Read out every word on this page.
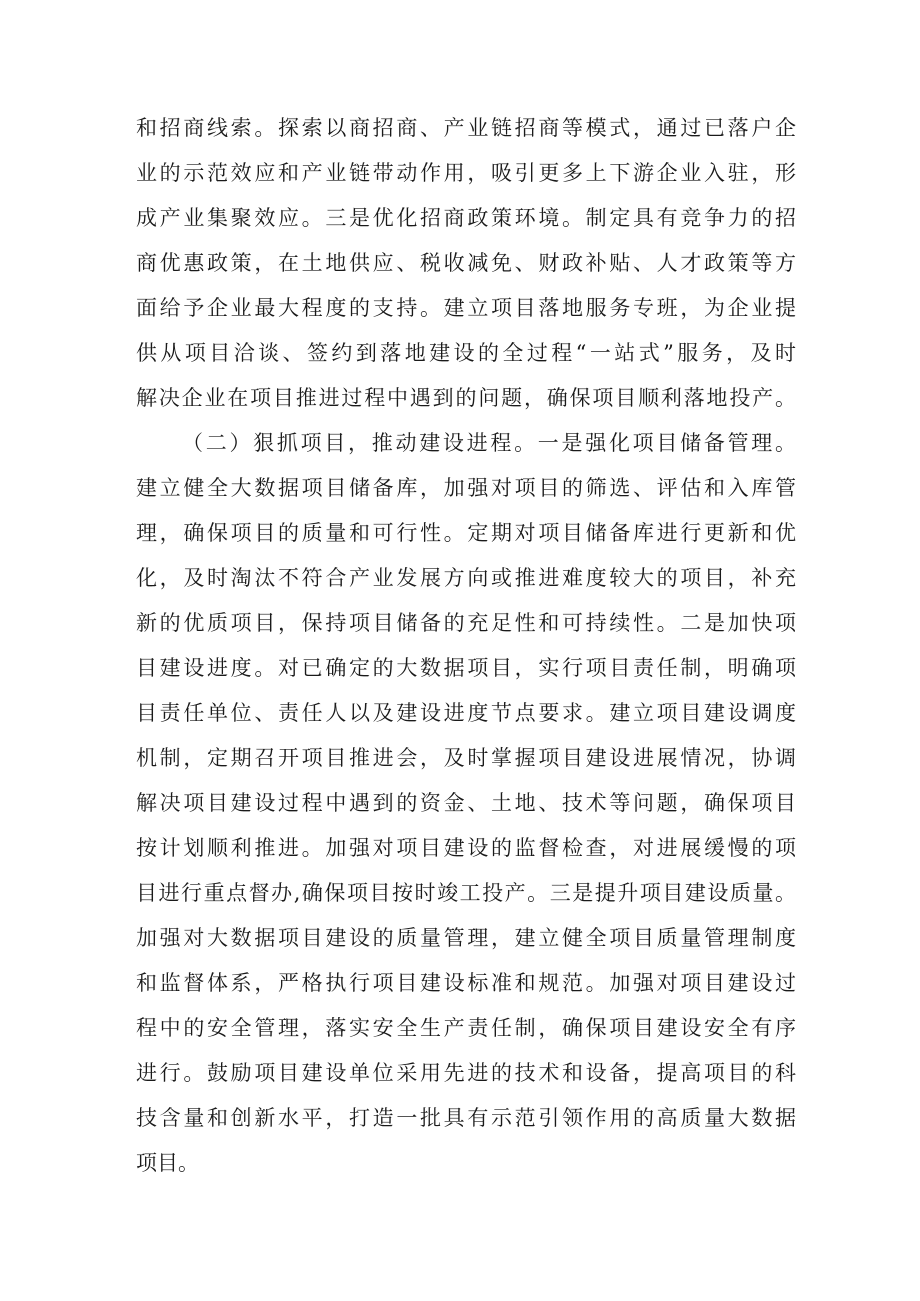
和招商线索。探索以商招商、产业链招商等模式，通过已落户企
业的示范效应和产业链带动作用，吸引更多上下游企业入驻，形
成产业集聚效应。三是优化招商政策环境。制定具有竞争力的招
商优惠政策，在土地供应、税收减免、财政补贴、人才政策等方
面给予企业最大程度的支持。建立项目落地服务专班，为企业提
供从项目洽谈、签约到落地建设的全过程“一站式”服务，及时
解决企业在项目推进过程中遇到的问题，确保项目顺利落地投产。
（二）狠抓项目，推动建设进程。一是强化项目储备管理。
建立健全大数据项目储备库，加强对项目的筛选、评估和入库管
理，确保项目的质量和可行性。定期对项目储备库进行更新和优
化，及时淘汰不符合产业发展方向或推进难度较大的项目，补充
新的优质项目，保持项目储备的充足性和可持续性。二是加快项
目建设进度。对已确定的大数据项目，实行项目责任制，明确项
目责任单位、责任人以及建设进度节点要求。建立项目建设调度
机制，定期召开项目推进会，及时掌握项目建设进展情况，协调
解决项目建设过程中遇到的资金、土地、技术等问题，确保项目
按计划顺利推进。加强对项目建设的监督检查，对进展缓慢的项
目进行重点督办,确保项目按时竣工投产。三是提升项目建设质量。
加强对大数据项目建设的质量管理，建立健全项目质量管理制度
和监督体系，严格执行项目建设标准和规范。加强对项目建设过
程中的安全管理，落实安全生产责任制，确保项目建设安全有序
进行。鼓励项目建设单位采用先进的技术和设备，提高项目的科
技含量和创新水平，打造一批具有示范引领作用的高质量大数据
项目。
